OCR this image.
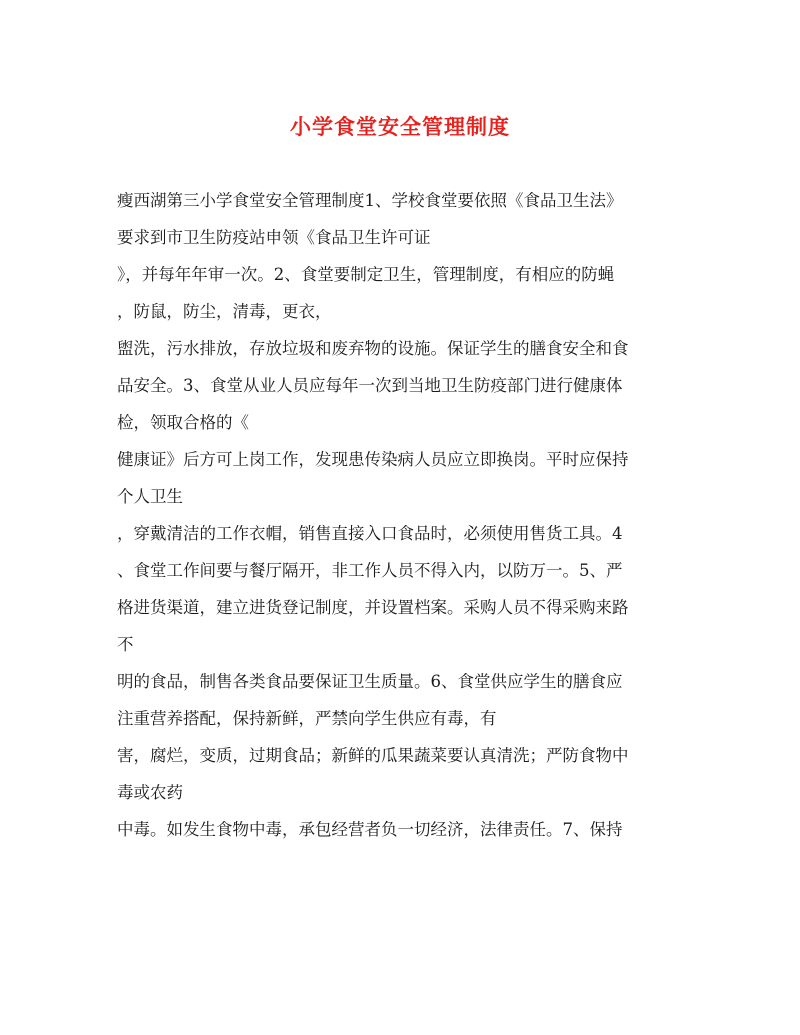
小学食堂安全管理制度
瘦西湖第三小学食堂安全管理制度1、学校食堂要依照《食品卫生法》
要求到市卫生防疫站申领《食品卫生许可证
》，并每年年审一次。2、食堂要制定卫生，管理制度，有相应的防蝇
，防鼠，防尘，清毒，更衣，
盥洗，污水排放，存放垃圾和废弃物的设施。保证学生的膳食安全和食
品安全。3、食堂从业人员应每年一次到当地卫生防疫部门进行健康体
检，领取合格的《
健康证》后方可上岗工作，发现患传染病人员应立即换岗。平时应保持
个人卫生
，穿戴清洁的工作衣帽，销售直接入口食品时，必须使用售货工具。4
、食堂工作间要与餐厅隔开，非工作人员不得入内，以防万一。5、严
格进货渠道，建立进货登记制度，并设置档案。采购人员不得采购来路
不
明的食品，制售各类食品要保证卫生质量。6、食堂供应学生的膳食应
注重营养搭配，保持新鲜，严禁向学生供应有毒，有
害，腐烂，变质，过期食品；新鲜的瓜果蔬菜要认真清洗；严防食物中
毒或农药
中毒。如发生食物中毒，承包经营者负一切经济，法律责任。7、保持
